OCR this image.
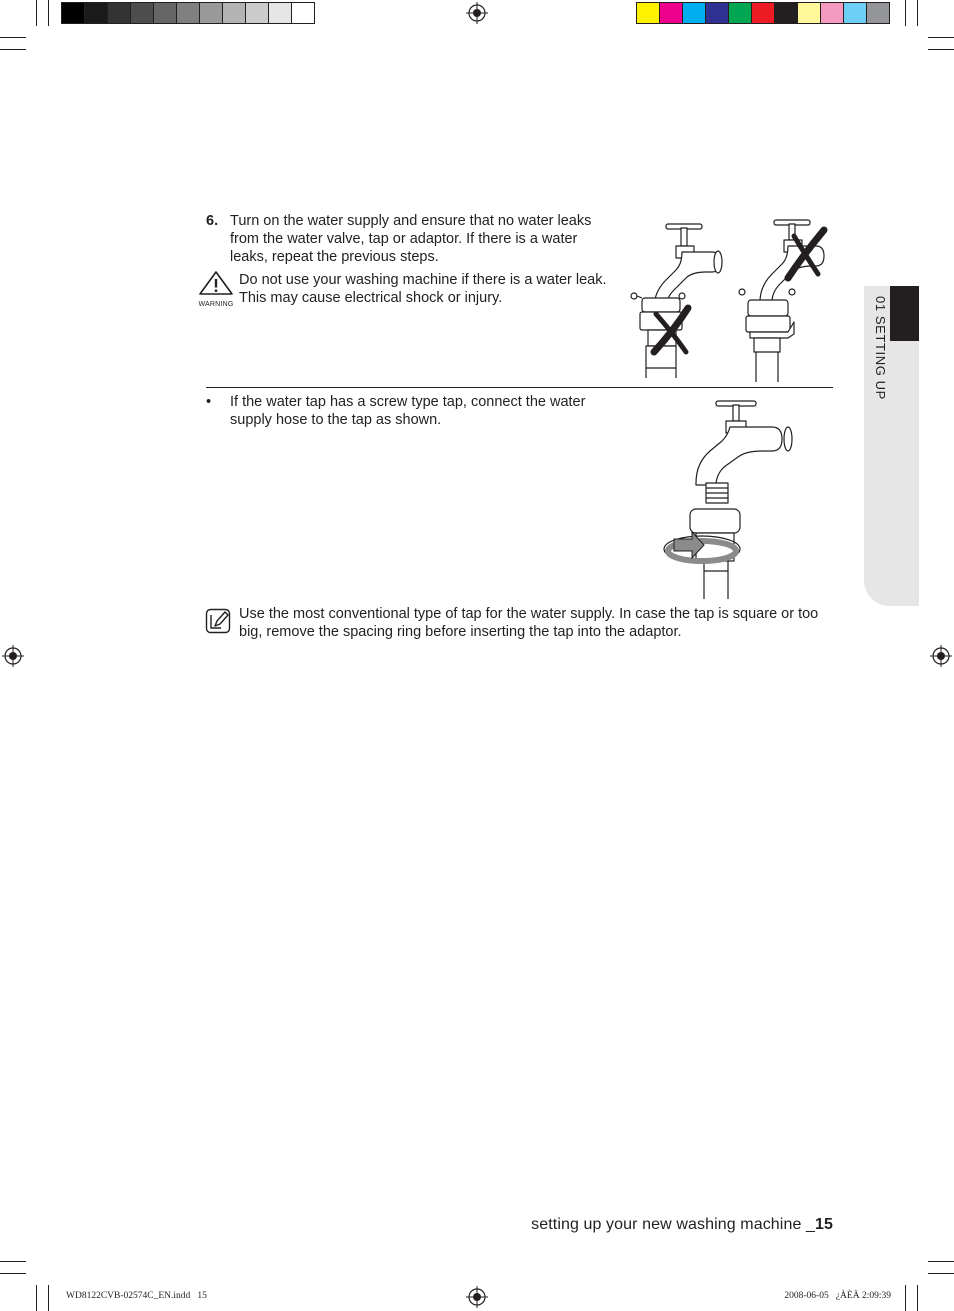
01 SETTING UP
6. Turn on the water supply and ensure that no water leaks
from the water valve, tap or adaptor. If there is a water
leaks, repeat the previous steps.
WARNING
Do not use your washing machine if there is a water leak.
This may cause electrical shock or injury.
• If the water tap has a screw type tap, connect the water
supply hose to the tap as shown.
Use the most conventional type of tap for the water supply. In case the tap is square or too
big, remove the spacing ring before inserting the tap into the adaptor.
setting up your new washing machine _15
WD8122CVB-02574C_EN.indd   15	2008-06-05   ¿ÀÈÄ 2:09:39
